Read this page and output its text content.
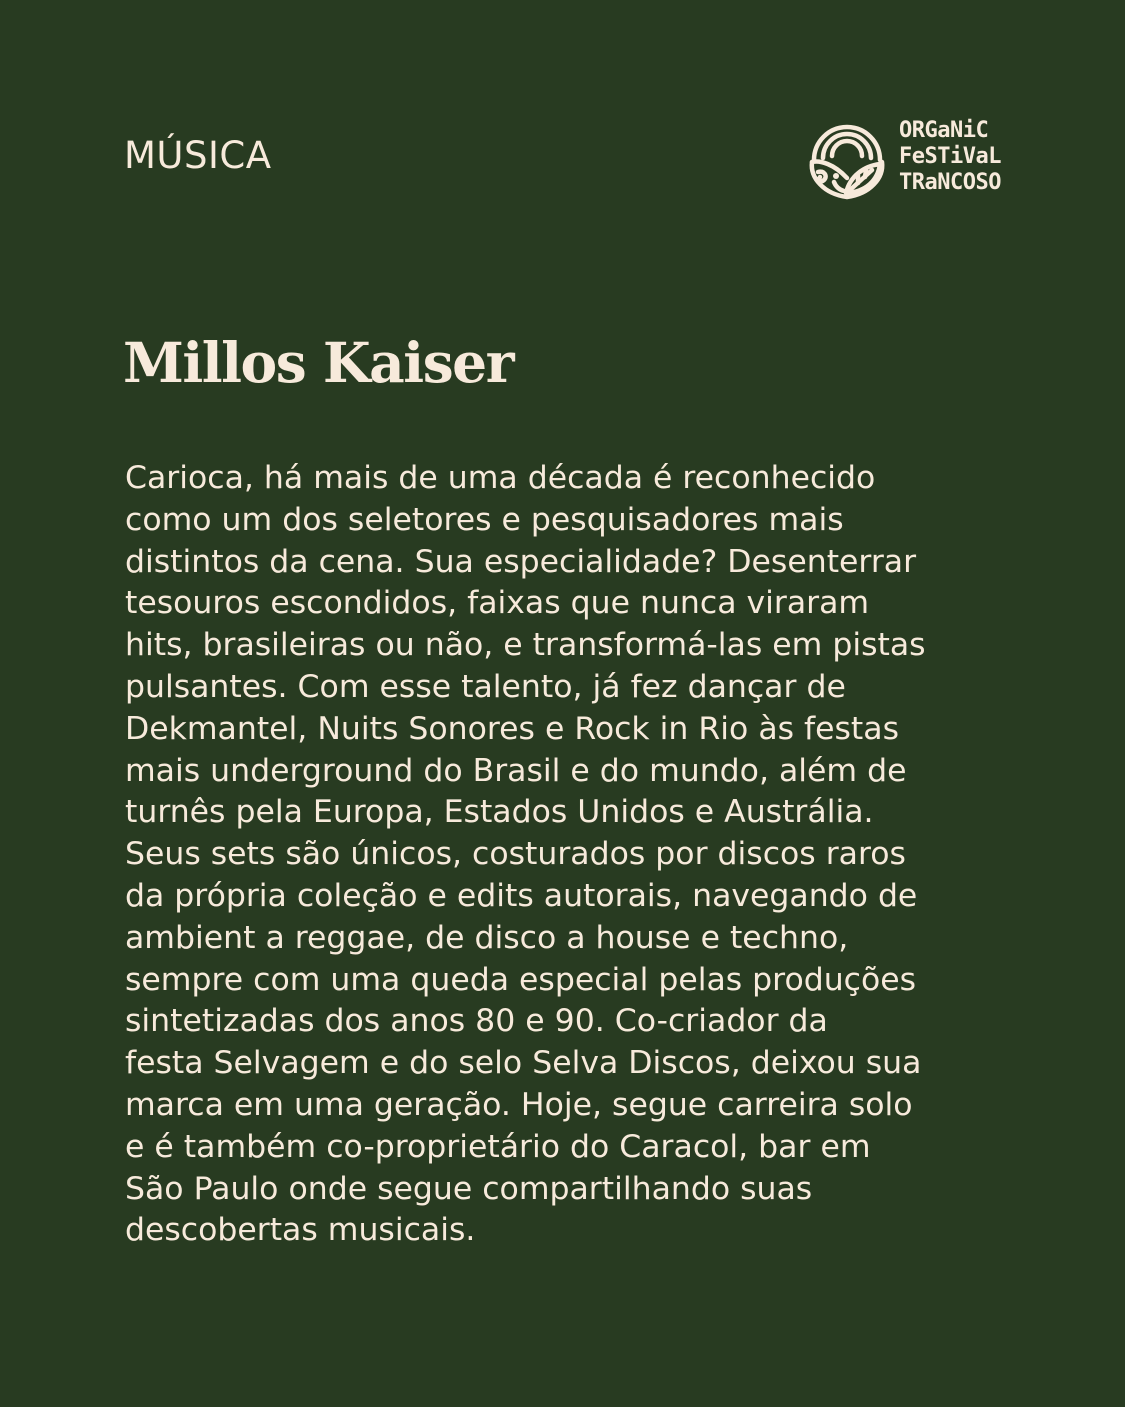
MÚSICA
ORGaNiC
FeSTiVaL
TRaNCOSO
Millos Kaiser

Carioca, há mais de uma década é reconhecido
como um dos seletores e pesquisadores mais
distintos da cena. Sua especialidade? Desenterrar
tesouros escondidos, faixas que nunca viraram
hits, brasileiras ou não, e transformá-las em pistas
pulsantes. Com esse talento, já fez dançar de
Dekmantel, Nuits Sonores e Rock in Rio às festas
mais underground do Brasil e do mundo, além de
turnês pela Europa, Estados Unidos e Austrália.
Seus sets são únicos, costurados por discos raros
da própria coleção e edits autorais, navegando de
ambient a reggae, de disco a house e techno,
sempre com uma queda especial pelas produções
sintetizadas dos anos 80 e 90. Co-criador da
festa Selvagem e do selo Selva Discos, deixou sua
marca em uma geração. Hoje, segue carreira solo
e é também co-proprietário do Caracol, bar em
São Paulo onde segue compartilhando suas
descobertas musicais.
